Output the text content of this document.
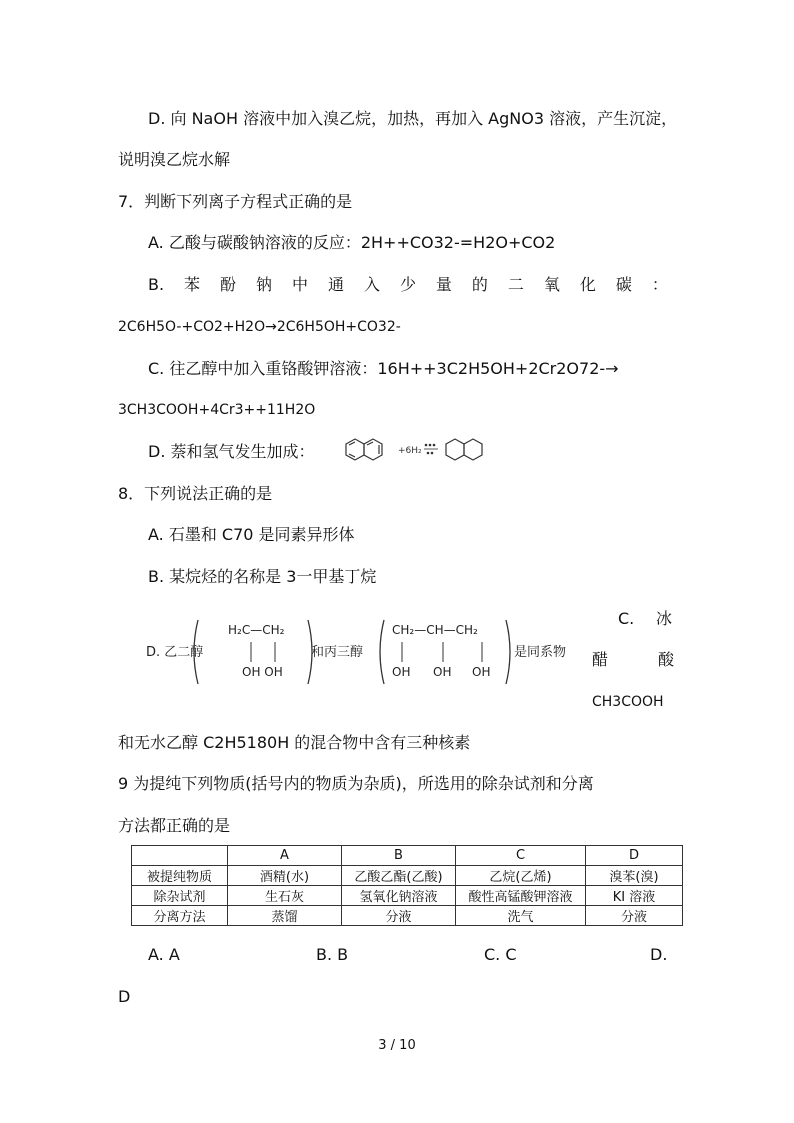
D. 向 NaOH 溶液中加入溴乙烷，加热，再加入 AgNO3 溶液，产生沉淀，
说明溴乙烷水解
7．判断下列离子方程式正确的是
A. 乙酸与碳酸钠溶液的反应：2H++CO32-=H2O+CO2
B. 苯 酚 钠 中 通 入 少 量 的 二 氧 化 碳 ：
2C6H5O-+CO2+H2O→2C6H5OH+CO32-
C. 往乙醇中加入重铬酸钾溶液：16H++3C2H5OH+2Cr2O72-→
3CH3COOH+4Cr3++11H2O
D. 萘和氢气发生加成：	+6H₂
8．下列说法正确的是
A. 石墨和 C70 是同素异形体
B. 某烷烃的名称是 3一甲基丁烷
C. 冰
醋	酸
CH3COOH
D. 乙二醇
H₂C—CH₂
OH OH
和丙三醇
CH₂—CH—CH₂
OH OH OH
是同系物
和无水乙醇 C2H5180H 的混合物中含有三种核素
9 为提纯下列物质(括号内的物质为杂质)，所选用的除杂试剂和分离
方法都正确的是
	A	B	C	D
被提纯物质	酒精(水)	乙酸乙酯(乙酸)	乙烷(乙烯)	溴苯(溴)
除杂试剂	生石灰	氢氧化钠溶液	酸性高锰酸钾溶液	KI 溶液
分离方法	蒸馏	分液	洗气	分液
A. A	B. B	C. C	D.
D
3 / 10
